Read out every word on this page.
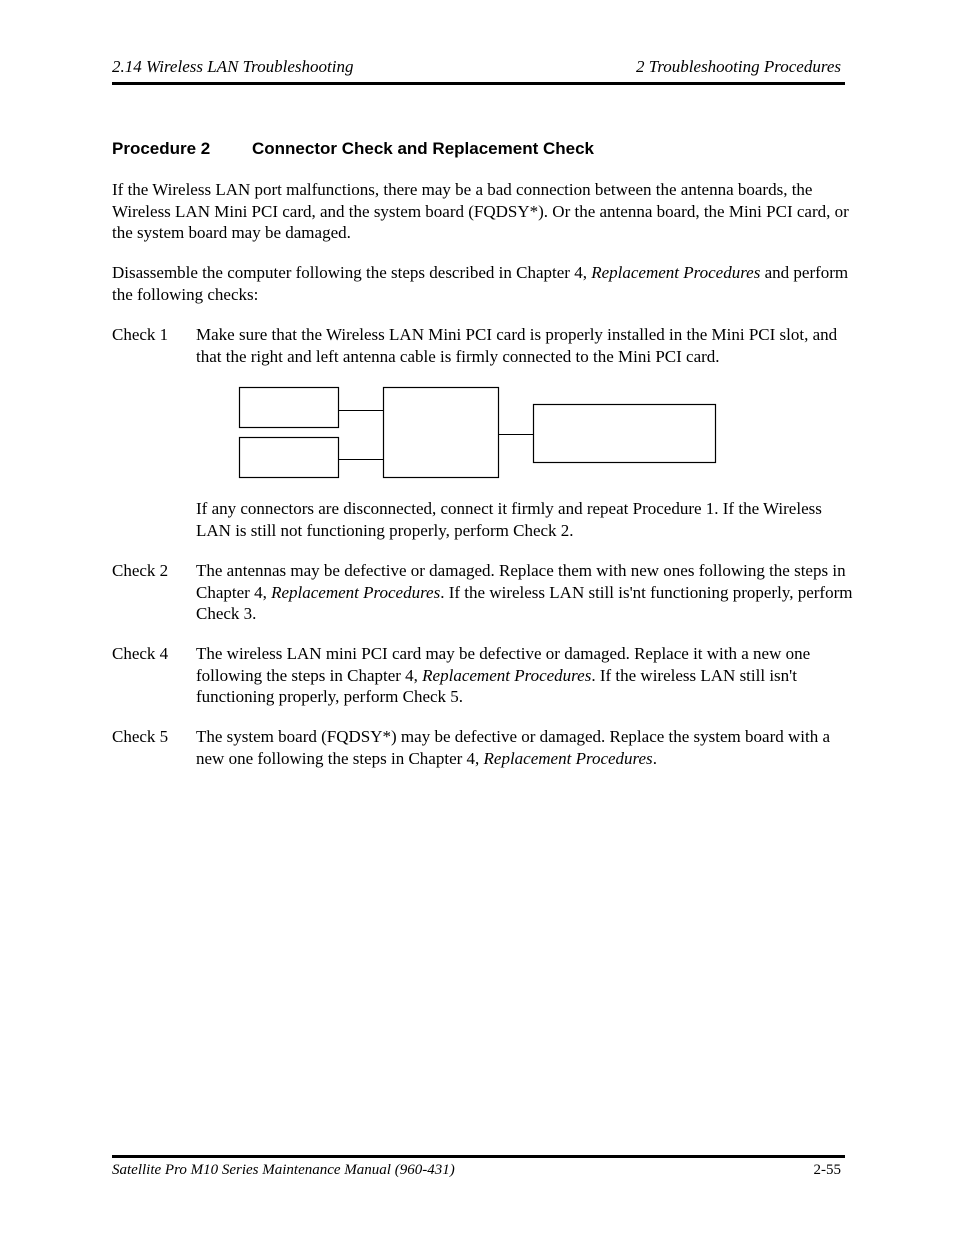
2.14 Wireless LAN Troubleshooting	2 Troubleshooting Procedures
Procedure 2 Connector Check and Replacement Check
If the Wireless LAN port malfunctions, there may be a bad connection between the antenna boards, the Wireless LAN Mini PCI card, and the system board (FQDSY*). Or the antenna board, the Mini PCI card, or the system board may be damaged.
Disassemble the computer following the steps described in Chapter 4, Replacement Procedures and perform the following checks:
Check 1 Make sure that the Wireless LAN Mini PCI card is properly installed in the Mini PCI slot, and that the right and left antenna cable is firmly connected to the Mini PCI card.
If any connectors are disconnected, connect it firmly and repeat Procedure 1. If the Wireless LAN is still not functioning properly, perform Check 2.
Check 2 The antennas may be defective or damaged. Replace them with new ones following the steps in Chapter 4, Replacement Procedures. If the wireless LAN still is'nt functioning properly, perform Check 3.
Check 4 The wireless LAN mini PCI card may be defective or damaged. Replace it with a new one following the steps in Chapter 4, Replacement Procedures. If the wireless LAN still isn't functioning properly, perform Check 5.
Check 5 The system board (FQDSY*) may be defective or damaged. Replace the system board with a new one following the steps in Chapter 4, Replacement Procedures.
Satellite Pro M10 Series Maintenance Manual (960-431)	2-55
